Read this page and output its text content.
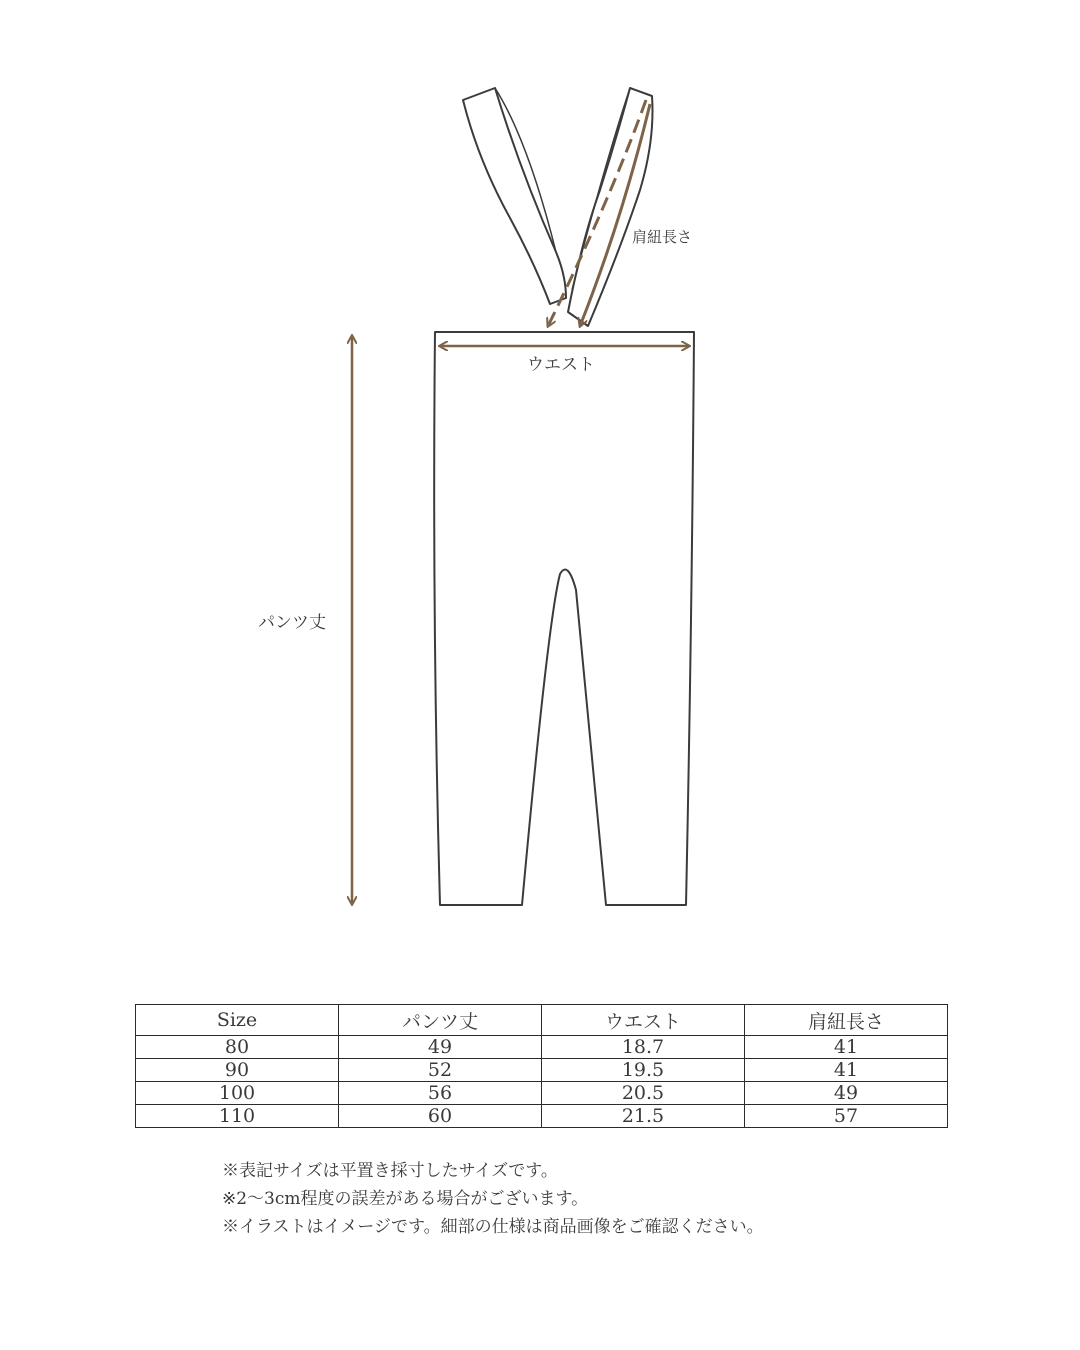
肩紐長さ
ウエスト
パンツ丈
Size	パンツ丈	ウエスト	肩紐長さ
80	49	18.7	41
90	52	19.5	41
100	56	20.5	49
110	60	21.5	57
※表記サイズは平置き採寸したサイズです。
※2～3cm程度の誤差がある場合がございます。
※イラストはイメージです。細部の仕様は商品画像をご確認ください。
